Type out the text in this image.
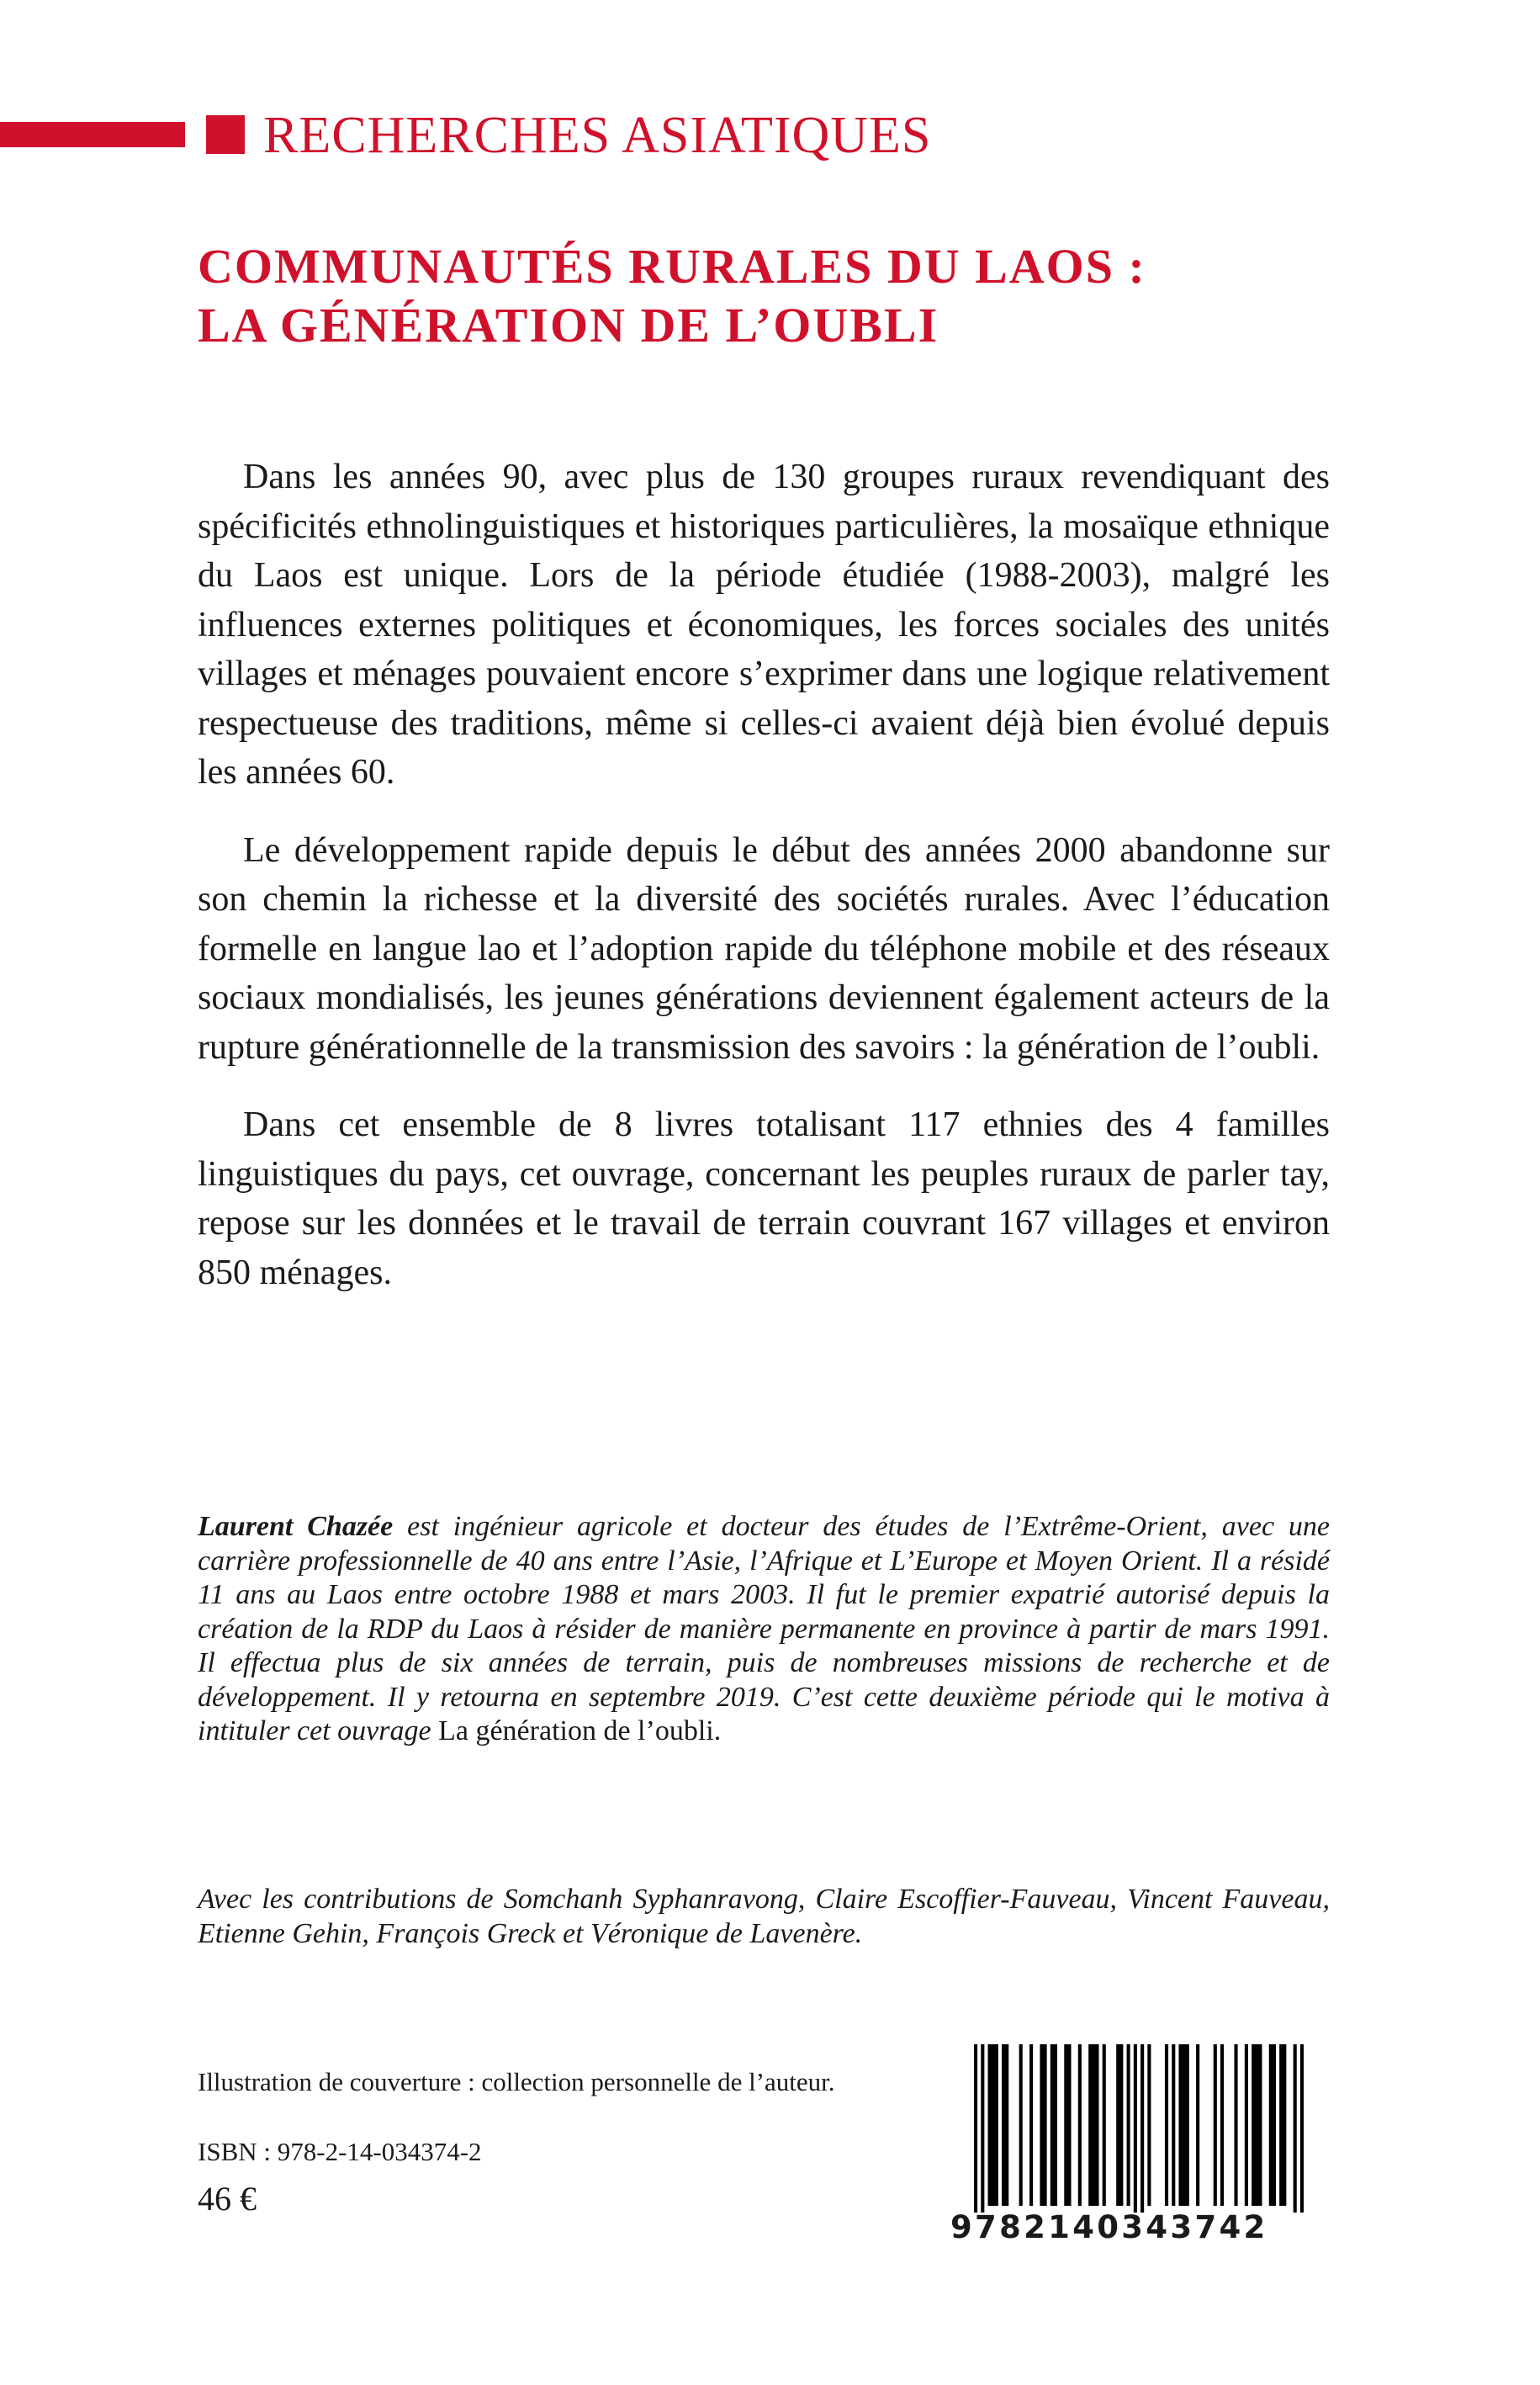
RECHERCHES ASIATIQUES
COMMUNAUTÉS RURALES DU LAOS :
LA GÉNÉRATION DE L’OUBLI

Dans les années 90, avec plus de 130 groupes ruraux revendiquant des spécificités ethnolinguistiques et historiques particulières, la mosaïque ethnique du Laos est unique. Lors de la période étudiée (1988-2003), malgré les influences externes politiques et économiques, les forces sociales des unités villages et ménages pouvaient encore s’exprimer dans une logique relativement respectueuse des traditions, même si celles-ci avaient déjà bien évolué depuis les années 60.

Le développement rapide depuis le début des années 2000 abandonne sur son chemin la richesse et la diversité des sociétés rurales. Avec l’éducation formelle en langue lao et l’adoption rapide du téléphone mobile et des réseaux sociaux mondialisés, les jeunes générations deviennent également acteurs de la rupture générationnelle de la transmission des savoirs : la génération de l’oubli.

Dans cet ensemble de 8 livres totalisant 117 ethnies des 4 familles linguistiques du pays, cet ouvrage, concernant les peuples ruraux de parler tay, repose sur les données et le travail de terrain couvrant 167 villages et environ 850 ménages.

Laurent Chazée est ingénieur agricole et docteur des études de l’Extrême-Orient, avec une carrière professionnelle de 40 ans entre l’Asie, l’Afrique et L’Europe et Moyen Orient. Il a résidé 11 ans au Laos entre octobre 1988 et mars 2003. Il fut le premier expatrié autorisé depuis la création de la RDP du Laos à résider de manière permanente en province à partir de mars 1991. Il effectua plus de six années de terrain, puis de nombreuses missions de recherche et de développement. Il y retourna en septembre 2019. C’est cette deuxième période qui le motiva à intituler cet ouvrage La génération de l’oubli.
Avec les contributions de Somchanh Syphanravong, Claire Escoffier-Fauveau, Vincent Fauveau, Etienne Gehin, François Greck et Véronique de Lavenère.
Illustration de couverture : collection personnelle de l’auteur.
ISBN : 978-2-14-034374-2
46 €
9782140343742
